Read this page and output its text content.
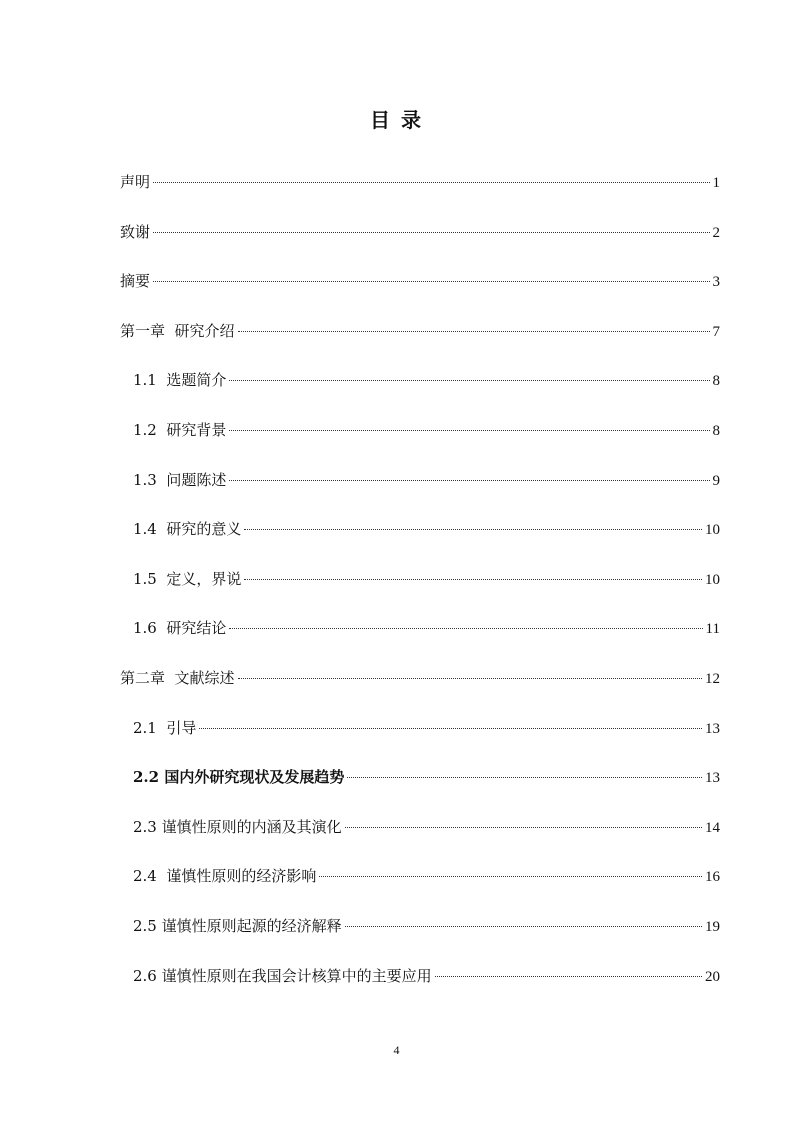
目 录
声明	1
致谢	2
摘要	3
第一章  研究介绍	7
1.1  选题简介	8
1.2  研究背景	8
1.3  问题陈述	9
1.4  研究的意义	10
1.5  定义，界说	10
1.6  研究结论	11
第二章  文献综述	12
2.1  引导	13
2.2 国内外研究现状及发展趋势	13
2.3 谨慎性原则的内涵及其演化	14
2.4  谨慎性原则的经济影响	16
2.5 谨慎性原则起源的经济解释	19
2.6 谨慎性原则在我国会计核算中的主要应用	20
4
